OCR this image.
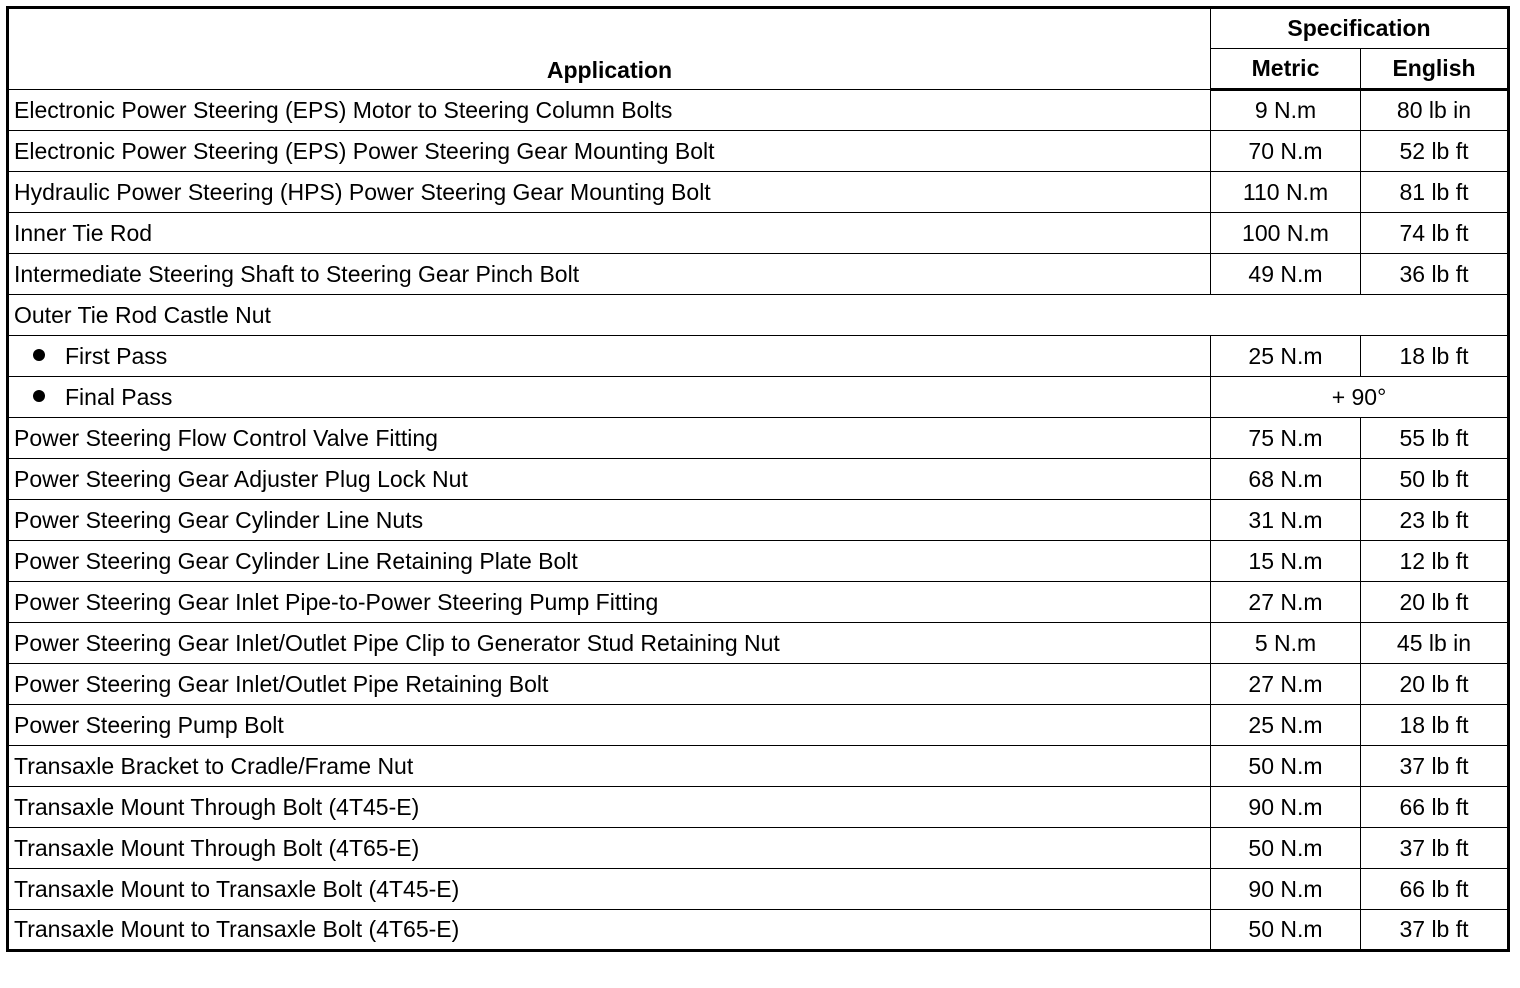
Application	Specification	
	Metric	English
Electronic Power Steering (EPS) Motor to Steering Column Bolts	9 N.m	80 lb in
Electronic Power Steering (EPS) Power Steering Gear Mounting Bolt	70 N.m	52 lb ft
Hydraulic Power Steering (HPS) Power Steering Gear Mounting Bolt	110 N.m	81 lb ft
Inner Tie Rod	100 N.m	74 lb ft
Intermediate Steering Shaft to Steering Gear Pinch Bolt	49 N.m	36 lb ft
Outer Tie Rod Castle Nut		
First Pass	25 N.m	18 lb ft
Final Pass	+ 90°	
Power Steering Flow Control Valve Fitting	75 N.m	55 lb ft
Power Steering Gear Adjuster Plug Lock Nut	68 N.m	50 lb ft
Power Steering Gear Cylinder Line Nuts	31 N.m	23 lb ft
Power Steering Gear Cylinder Line Retaining Plate Bolt	15 N.m	12 lb ft
Power Steering Gear Inlet Pipe-to-Power Steering Pump Fitting	27 N.m	20 lb ft
Power Steering Gear Inlet/Outlet Pipe Clip to Generator Stud Retaining Nut	5 N.m	45 lb in
Power Steering Gear Inlet/Outlet Pipe Retaining Bolt	27 N.m	20 lb ft
Power Steering Pump Bolt	25 N.m	18 lb ft
Transaxle Bracket to Cradle/Frame Nut	50 N.m	37 lb ft
Transaxle Mount Through Bolt (4T45-E)	90 N.m	66 lb ft
Transaxle Mount Through Bolt (4T65-E)	50 N.m	37 lb ft
Transaxle Mount to Transaxle Bolt (4T45-E)	90 N.m	66 lb ft
Transaxle Mount to Transaxle Bolt (4T65-E)	50 N.m	37 lb ft
